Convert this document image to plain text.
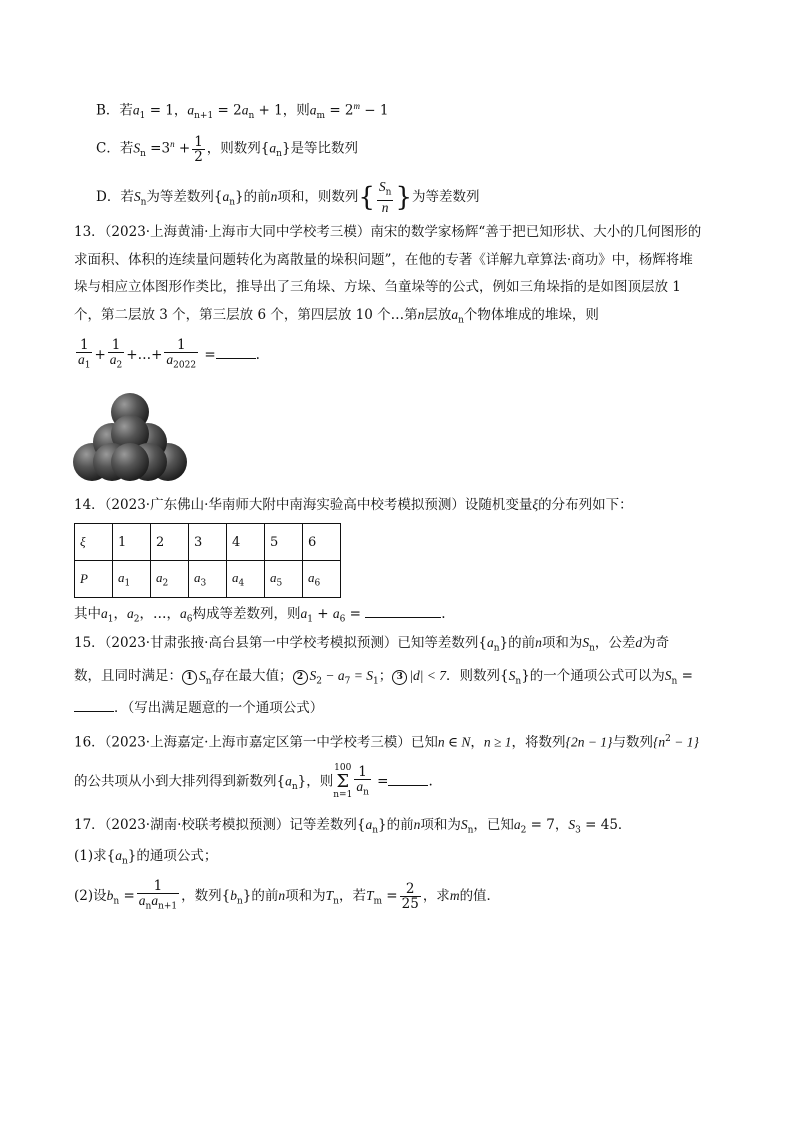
B．若$a_1 = 1$，$a_{n+1} = 2a_n + 1$，则$a_m = 2^m - 1$
C．若$S_n =3^n + \frac{1}{2}$ ，则数列$\{a_n\}$是等比数列
D．若$S_n$为等差数列$\{a_n\}$的前n项和，则数列{ $\frac{S_n}{n}$ }为等差数列
13．（2023·上海黄浦·上海市大同中学校考三模）南宋的数学家杨辉“善于把已知形状、大小的几何图形的
求面积、体积的连续量问题转化为离散量的垛积问题”，在他的专著《详解九章算法·商功》中，杨辉将堆
垛与相应立体图形作类比，推导出了三角垛、方垛、刍童垛等的公式，例如三角垛指的是如图顶层放 1
个，第二层放 3 个，第三层放 6 个，第四层放 10 个…第n层放$a_n$个物体堆成的堆垛，则
$\frac{1}{a_1} + \frac{1}{a_2}$ +…+ $\frac{1}{a_{2022}}$ =	.
14．（2023·广东佛山·华南师大附中南海实验高中校考模拟预测）设随机变量ξ的分布列如下：
ξ	1	2	3	4	5	6
P	$a_1$	$a_2$	$a_3$	$a_4$	$a_5$	$a_6$
其中$a_1$，$a_2$，…，$a_6$构成等差数列，则$a_1 + a_6$ =	.
15．（2023·甘肃张掖·高台县第一中学校考模拟预测）已知等差数列$\{a_n\}$的前n项和为$S_n$，公差d为奇
数，且同时满足： 1 $S_n$存在最大值； 2 $S_2 - a_7 = S_1$； 3 |d| < 7．则数列$\{S_n\}$的一个通项公式可以为$S_n$ =
．（写出满足题意的一个通项公式）
16．（2023·上海嘉定·上海市嘉定区第一中学校考三模）已知n ∈ N，n ≥ 1，将数列{2n − 1}与数列$\{n^2 - 1\}$
的公共项从小到大排列得到新数列$\{a_n\}$，则
100
Σ
$n=1 \frac{1}{a_n}$ =	.
17．（2023·湖南·校联考模拟预测）记等差数列$\{a_n\}$的前n项和为$S_n$，已知$a_2 = 7$，$S_3 = 45$．
(1)求$\{a_n\}$的通项公式；
(2)设$b_n = \frac{1}{a_na_{n+1}}$ ，数列$\{b_n\}$的前n项和为$T_n$，若$T_m = \frac{2}{25}$ ，求m的值．
